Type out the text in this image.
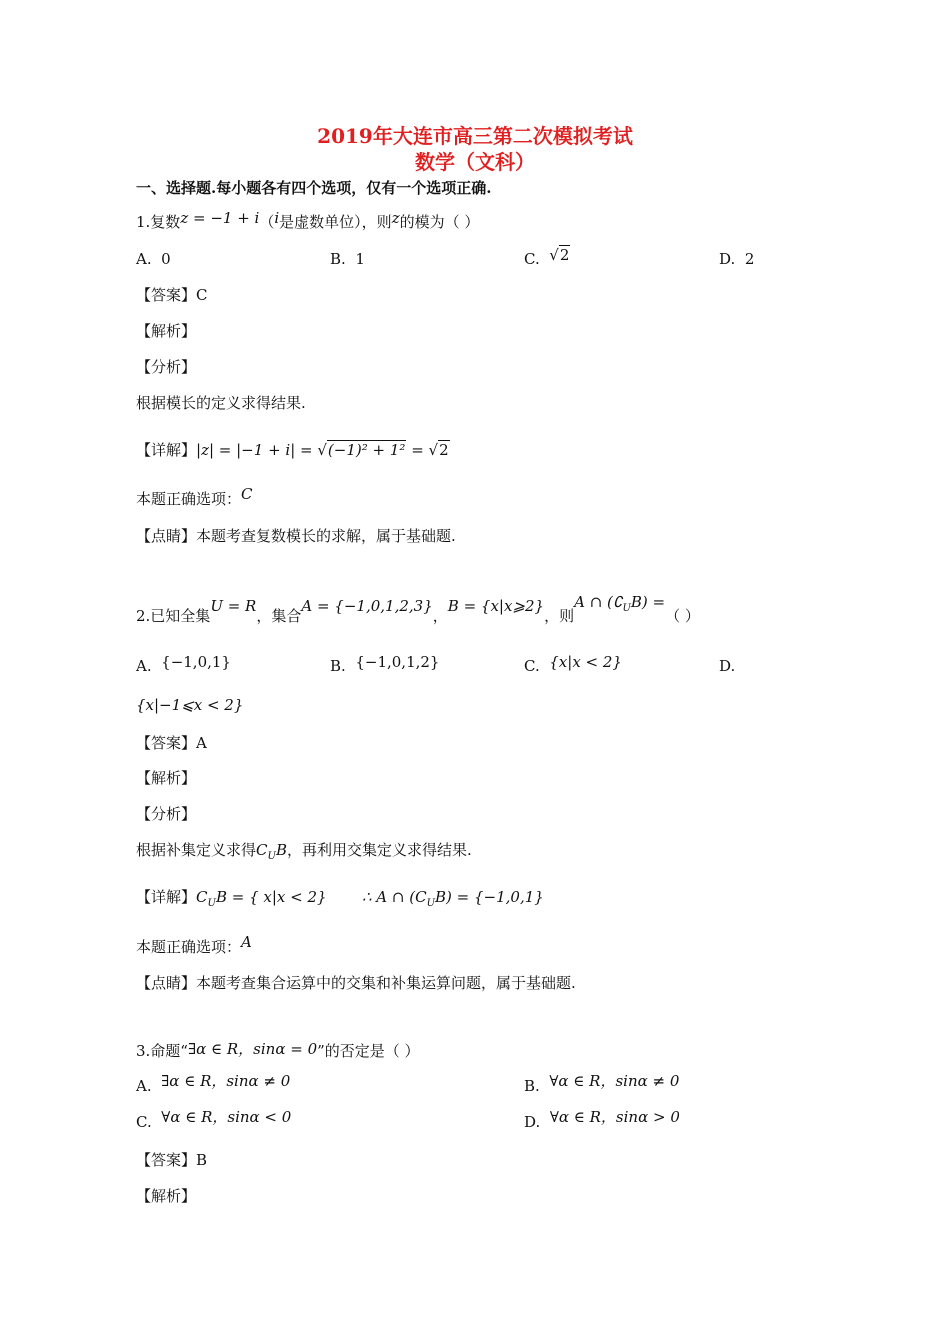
2019年大连市高三第二次模拟考试
数学（文科）
一、选择题.每小题各有四个选项，仅有一个选项正确.
1.复数z = −1 + i（i是虚数单位），则z的模为（ ）
A. 0	B. 1	C. √2	D. 2
【答案】C
【解析】
【分析】
根据模长的定义求得结果.
【详解】|z| = |−1 + i| = √(−1)² + 1² = √2
本题正确选项：C
【点睛】本题考查复数模长的求解，属于基础题.
2.已知全集U = R，集合A = {−1,0,1,2,3}，B = {x|x⩾2}，则A ∩ $(∁_UB)$ =（ ）
A. {−1,0,1}	B. {−1,0,1,2}	C. {x|x < 2}	D.
{x|−1⩽x < 2}
【答案】A
【解析】
【分析】
根据补集定义求得$C_UB$，再利用交集定义求得结果.
【详解】$C_UB$ = { x|x < 2} ∴ A ∩ $(C_UB) = \{-1,0,1\}$
本题正确选项：A
【点睛】本题考查集合运算中的交集和补集运算问题，属于基础题.
3.命题“∃α ∈ R，sinα = 0”的否定是（ ）
A. ∃α ∈ R，sinα ≠ 0	B. ∀α ∈ R，sinα ≠ 0
C. ∀α ∈ R，sinα < 0	D. ∀α ∈ R，sinα > 0
【答案】B
【解析】
